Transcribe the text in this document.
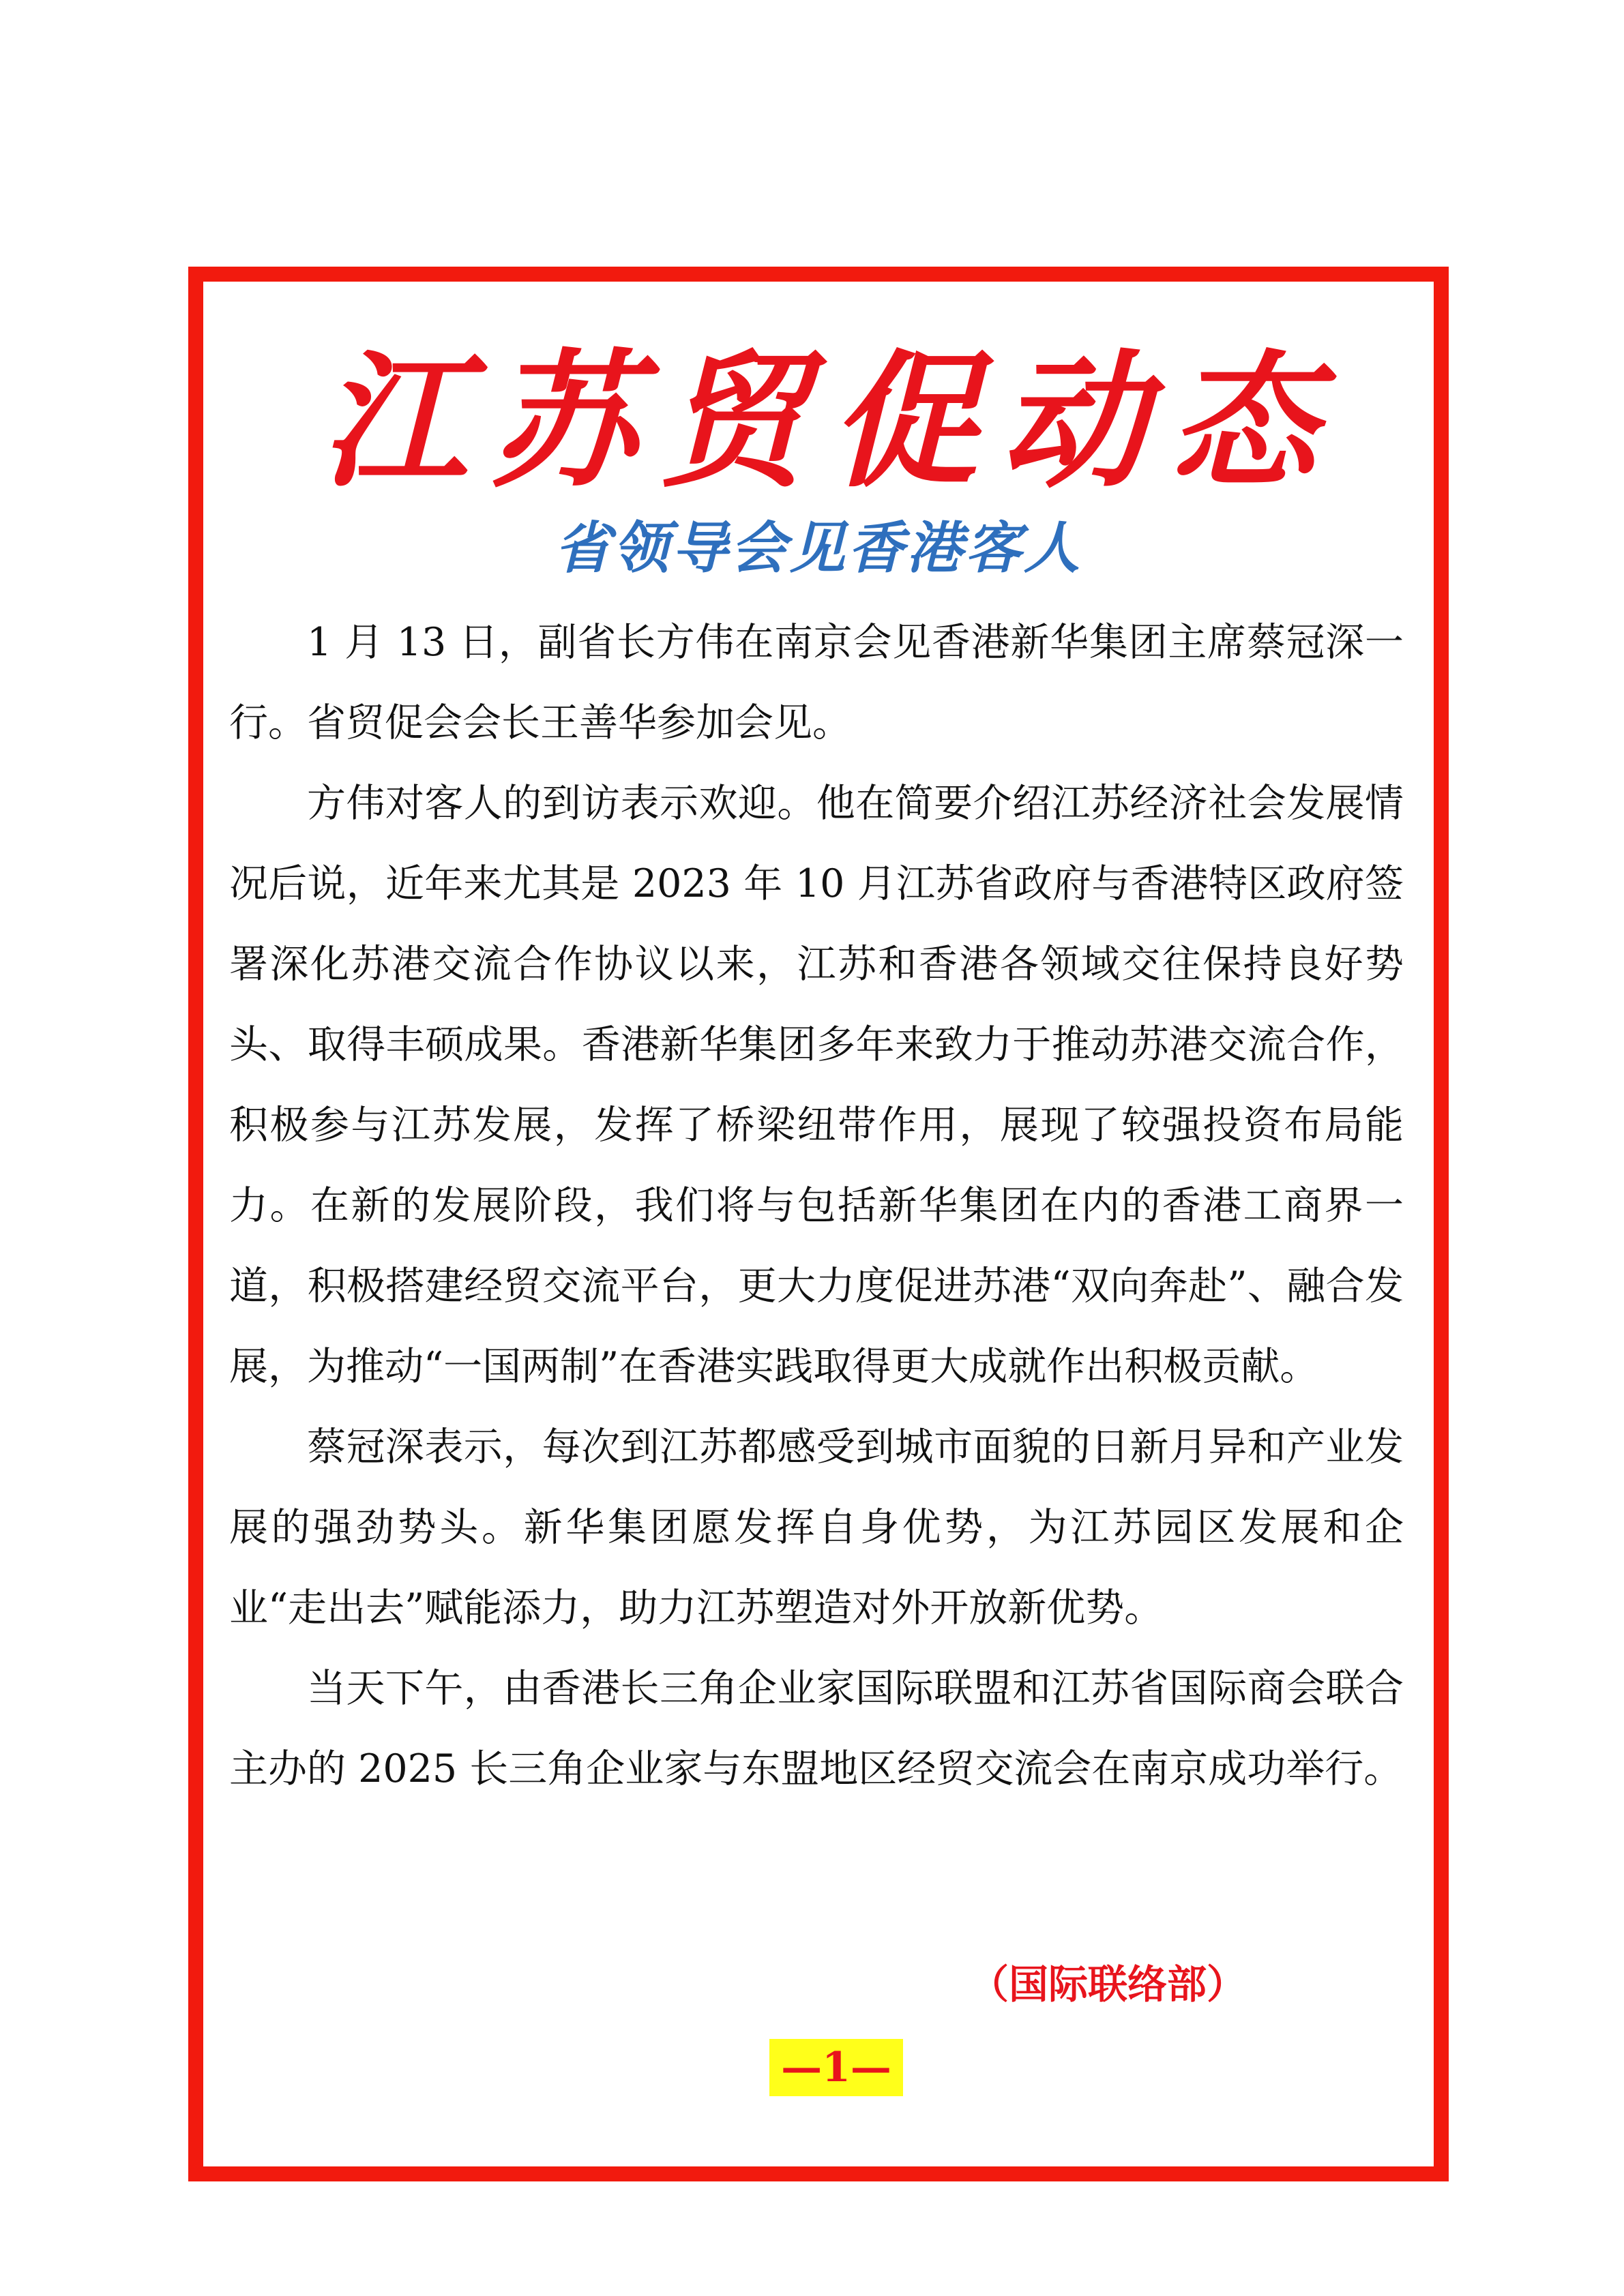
江苏贸促动态
省领导会见香港客人

1 月 13 日，副省长方伟在南京会见香港新华集团主席蔡冠深一行。省贸促会会长王善华参加会见。

方伟对客人的到访表示欢迎。他在简要介绍江苏经济社会发展情况后说，近年来尤其是 2023 年 10 月江苏省政府与香港特区政府签署深化苏港交流合作协议以来，江苏和香港各领域交往保持良好势头、取得丰硕成果。香港新华集团多年来致力于推动苏港交流合作，积极参与江苏发展，发挥了桥梁纽带作用，展现了较强投资布局能力。在新的发展阶段，我们将与包括新华集团在内的香港工商界一道，积极搭建经贸交流平台，更大力度促进苏港“双向奔赴”、融合发展，为推动“一国两制”在香港实践取得更大成就作出积极贡献。

蔡冠深表示，每次到江苏都感受到城市面貌的日新月异和产业发展的强劲势头。新华集团愿发挥自身优势，为江苏园区发展和企业“走出去”赋能添力，助力江苏塑造对外开放新优势。

当天下午，由香港长三角企业家国际联盟和江苏省国际商会联合主办的 2025 长三角企业家与东盟地区经贸交流会在南京成功举行。

（国际联络部）
—1—
